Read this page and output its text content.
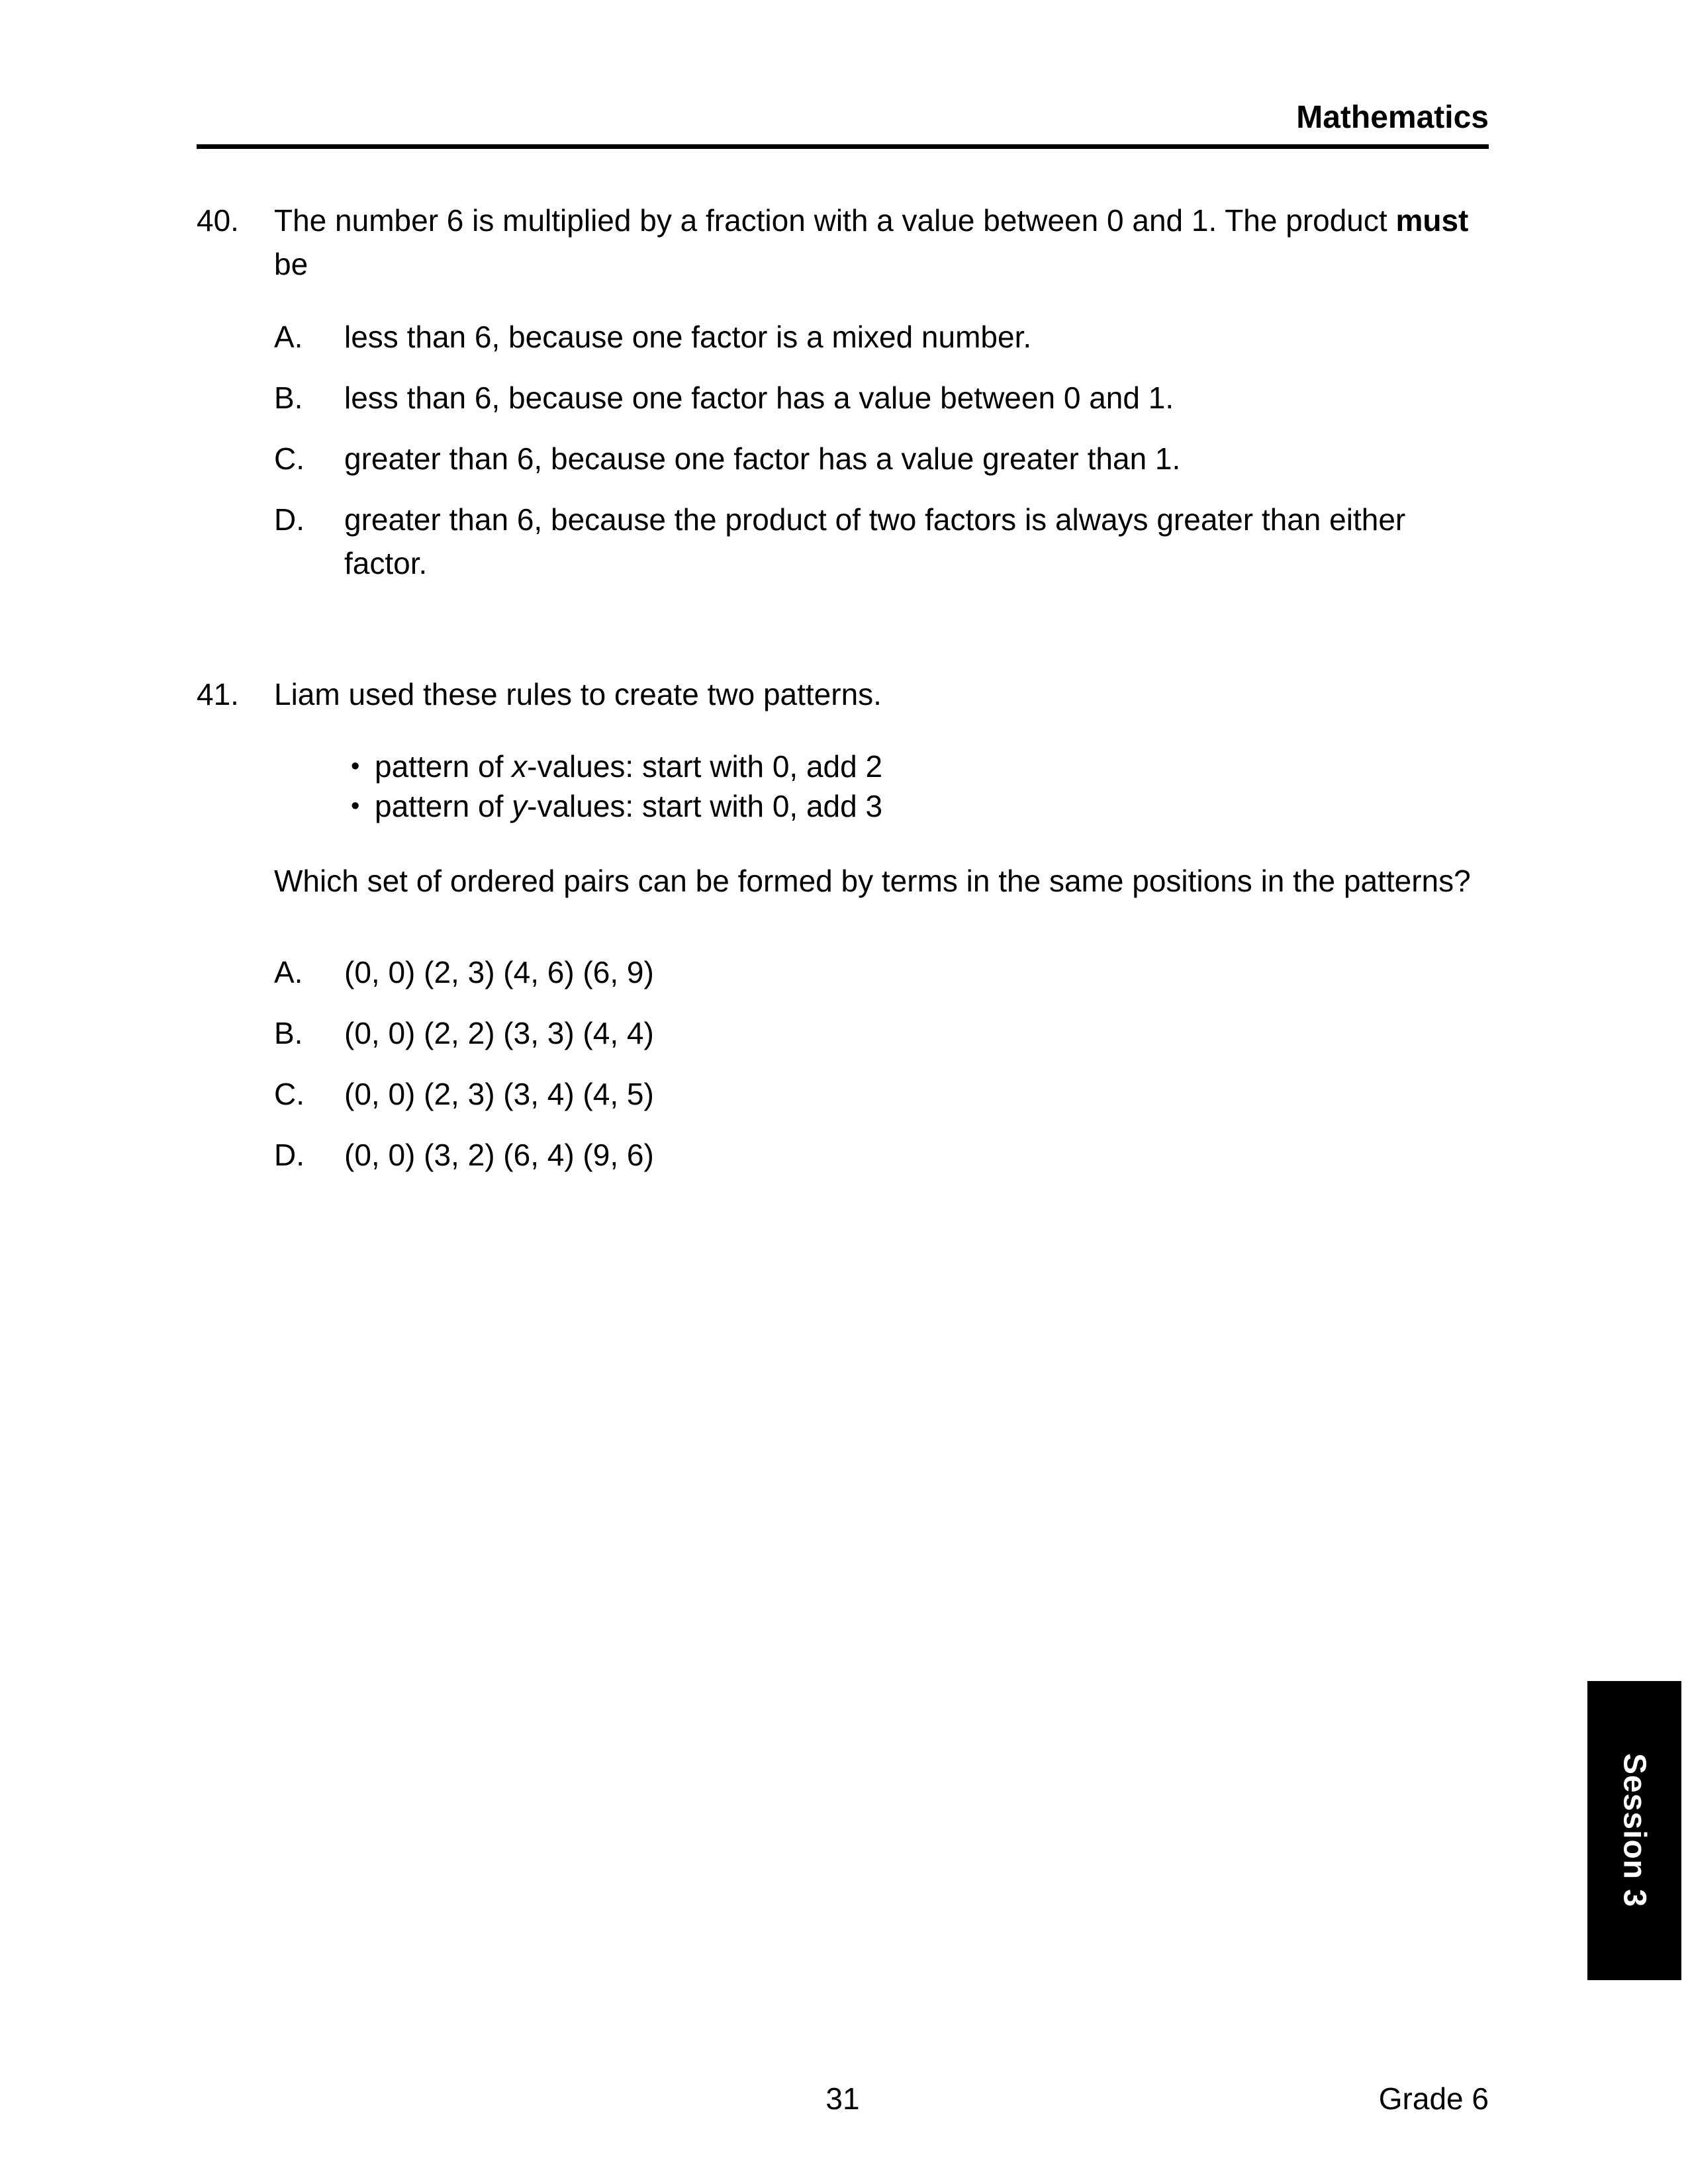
Mathematics
40.	The number 6 is multiplied by a fraction with a value between 0 and 1. The product must be

A.	less than 6, because one factor is a mixed number.
B.	less than 6, because one factor has a value between 0 and 1.
C.	greater than 6, because one factor has a value greater than 1.
D.	greater than 6, because the product of two factors is always greater than either factor.
41.	Liam used these rules to create two patterns.

• pattern of x-values: start with 0, add 2
• pattern of y-values: start with 0, add 3

Which set of ordered pairs can be formed by terms in the same positions in the patterns?

A.	(0, 0) (2, 3) (4, 6) (6, 9)
B.	(0, 0) (2, 2) (3, 3) (4, 4)
C.	(0, 0) (2, 3) (3, 4) (4, 5)
D.	(0, 0) (3, 2) (6, 4) (9, 6)
Session 3
31	Grade 6
